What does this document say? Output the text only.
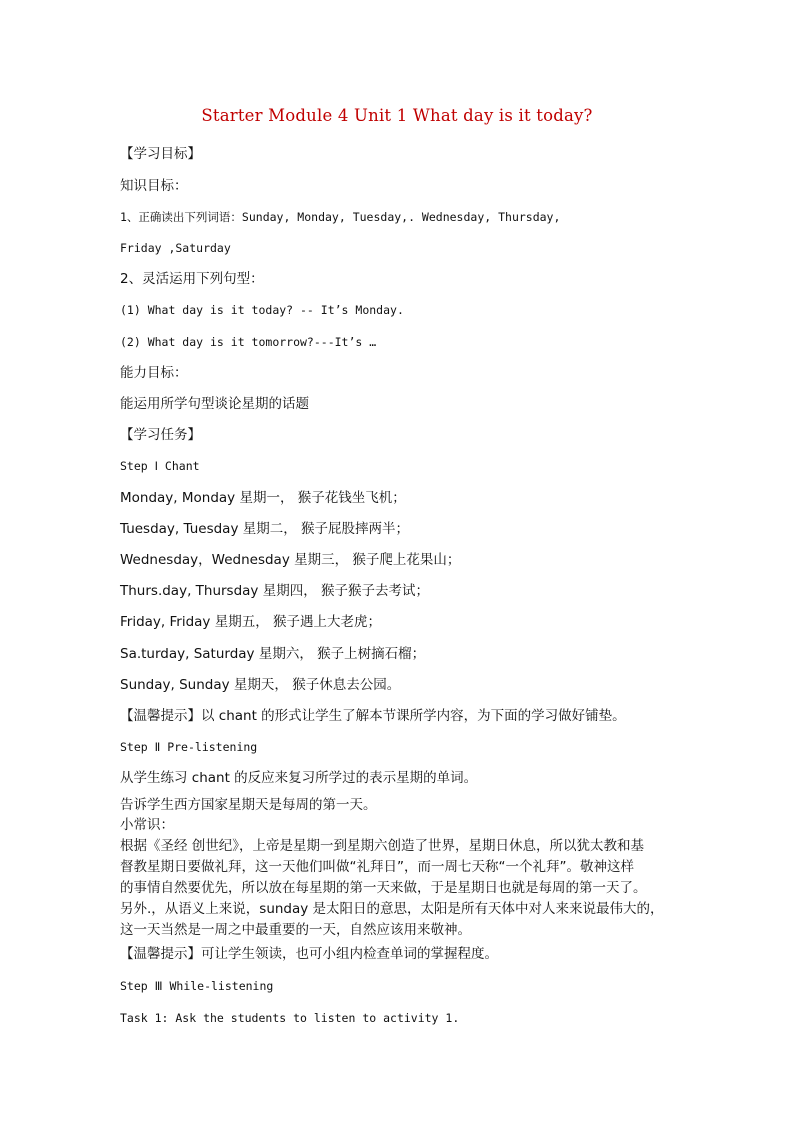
Starter Module 4 Unit 1 What day is it today?
【学习目标】
知识目标：
1、正确读出下列词语：Sunday, Monday, Tuesday,. Wednesday, Thursday,
Friday ,Saturday
2、灵活运用下列句型：
(1) What day is it today? -- It’s Monday.
(2) What day is it tomorrow?---It’s …
能力目标：
能运用所学句型谈论星期的话题
【学习任务】
Step Ⅰ Chant
Monday, Monday 星期一， 猴子花钱坐飞机；
Tuesday, Tuesday 星期二， 猴子屁股摔两半；
Wednesday，Wednesday 星期三， 猴子爬上花果山；
Thurs.day, Thursday 星期四， 猴子猴子去考试；
Friday, Friday 星期五， 猴子遇上大老虎；
Sa.turday, Saturday 星期六， 猴子上树摘石榴；
Sunday, Sunday 星期天， 猴子休息去公园。
【温馨提示】以 chant 的形式让学生了解本节课所学内容，为下面的学习做好铺垫。
Step Ⅱ Pre-listening
从学生练习 chant 的反应来复习所学过的表示星期的单词。
告诉学生西方国家星期天是每周的第一天。
小常识：
根据《圣经 创世纪》，上帝是星期一到星期六创造了世界，星期日休息，所以犹太教和基
督教星期日要做礼拜，这一天他们叫做“礼拜日”，而一周七天称“一个礼拜”。敬神这样
的事情自然要优先，所以放在每星期的第一天来做，于是星期日也就是每周的第一天了。
另外.，从语义上来说，sunday 是太阳日的意思，太阳是所有天体中对人来来说最伟大的，
这一天当然是一周之中最重要的一天，自然应该用来敬神。
【温馨提示】可让学生领读，也可小组内检查单词的掌握程度。
Step Ⅲ While-listening
Task 1: Ask the students to listen to activity 1.
